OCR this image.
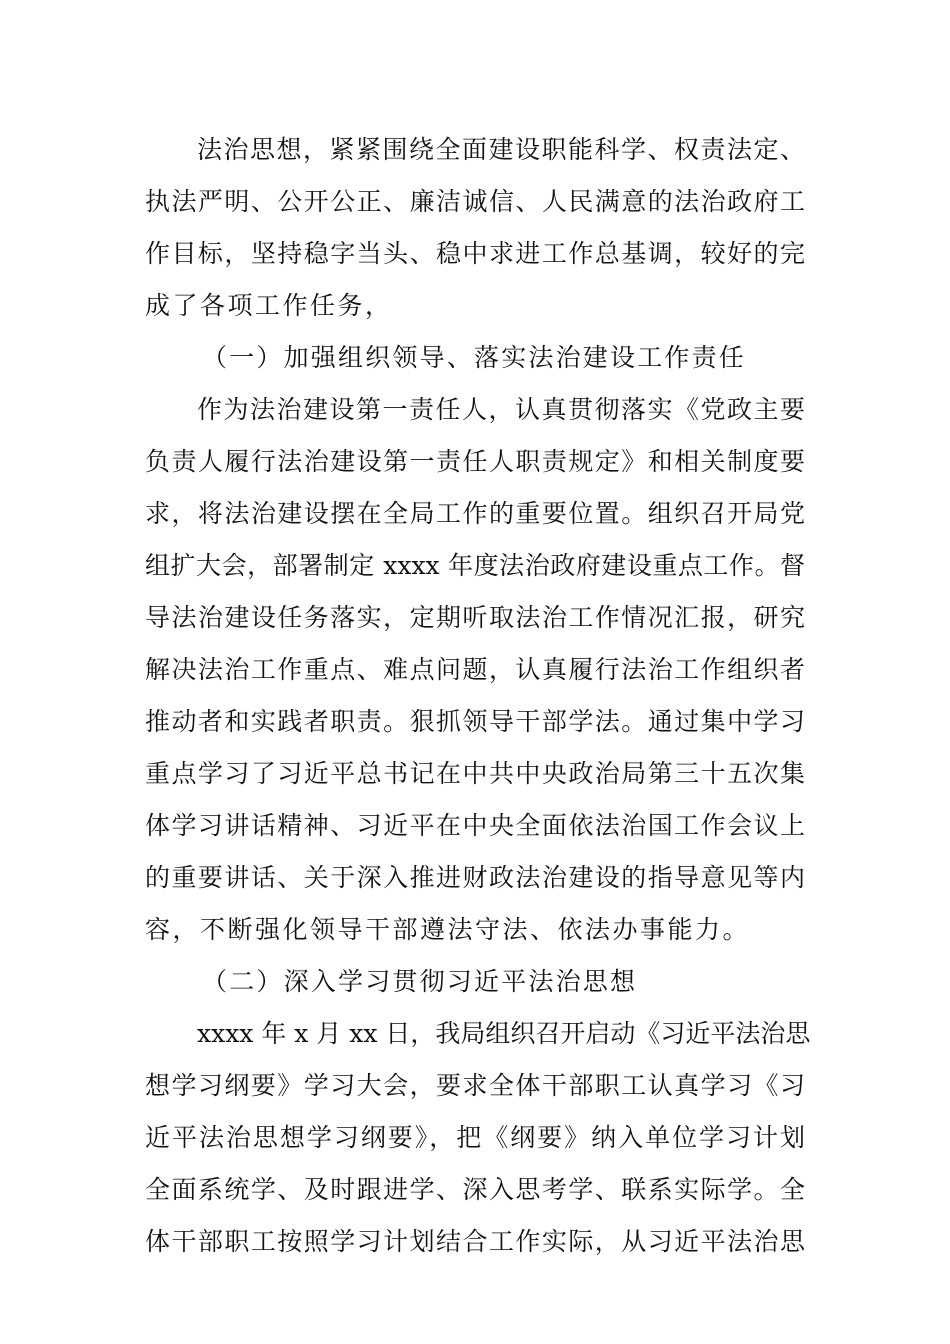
法治思想，紧紧围绕全面建设职能科学、权责法定、
执法严明、公开公正、廉洁诚信、人民满意的法治政府工
作目标，坚持稳字当头、稳中求进工作总基调，较好的完
成了各项工作任务，
（一）加强组织领导、落实法治建设工作责任
作为法治建设第一责任人，认真贯彻落实《党政主要
负责人履行法治建设第一责任人职责规定》和相关制度要
求，将法治建设摆在全局工作的重要位置。组织召开局党
组扩大会，部署制定 xxxx 年度法治政府建设重点工作。督
导法治建设任务落实，定期听取法治工作情况汇报，研究
解决法治工作重点、难点问题，认真履行法治工作组织者
推动者和实践者职责。狠抓领导干部学法。通过集中学习
重点学习了习近平总书记在中共中央政治局第三十五次集
体学习讲话精神、习近平在中央全面依法治国工作会议上
的重要讲话、关于深入推进财政法治建设的指导意见等内
容，不断强化领导干部遵法守法、依法办事能力。
（二）深入学习贯彻习近平法治思想
xxxx 年 x 月 xx 日，我局组织召开启动《习近平法治思
想学习纲要》学习大会，要求全体干部职工认真学习《习
近平法治思想学习纲要》，把《纲要》纳入单位学习计划
全面系统学、及时跟进学、深入思考学、联系实际学。全
体干部职工按照学习计划结合工作实际，从习近平法治思
